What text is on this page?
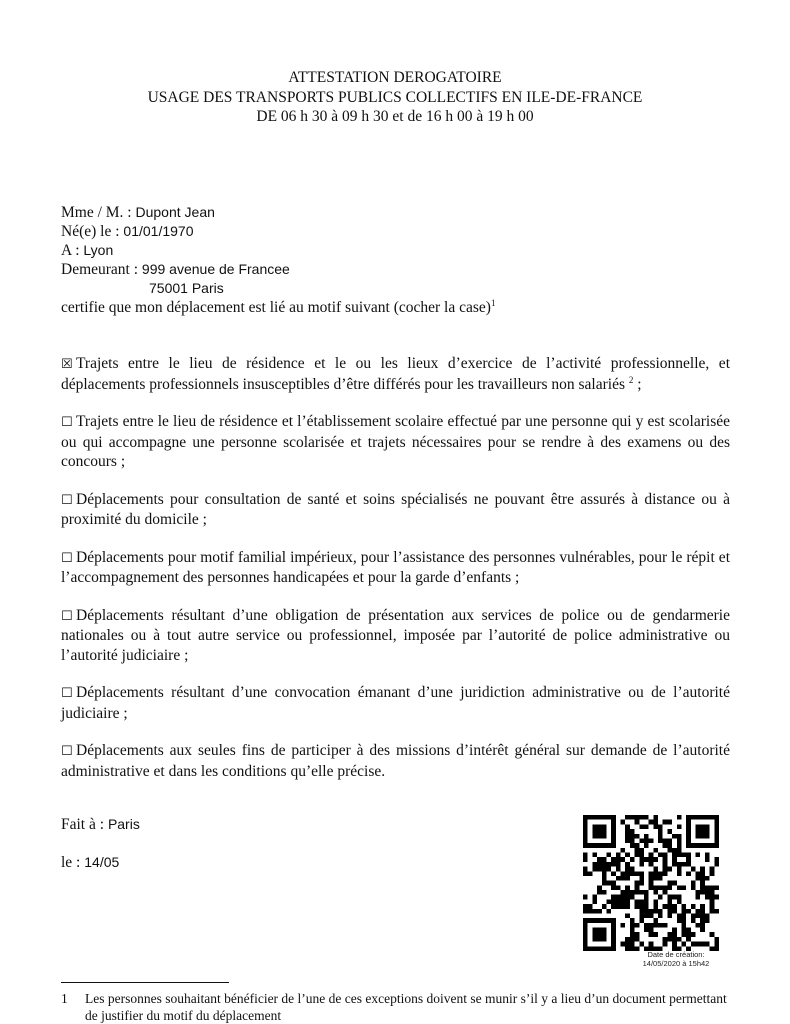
ATTESTATION DEROGATOIRE
USAGE DES TRANSPORTS PUBLICS COLLECTIFS EN ILE-DE-FRANCE
DE 06 h 30 à 09 h 30 et de 16 h 00 à 19 h 00
Mme / M. : Dupont Jean
Né(e) le : 01/01/1970
A : Lyon
Demeurant : 999 avenue de Francee
75001 Paris
certifie que mon déplacement est lié au motif suivant (cocher la case)$^1$

☒ Trajets entre le lieu de résidence et le ou les lieux d’exercice de l’activité professionnelle, et déplacements professionnels insusceptibles d’être différés pour les travailleurs non salariés $^2$ ;

☐ Trajets entre le lieu de résidence et l’établissement scolaire effectué par une personne qui y est scolarisée ou qui accompagne une personne scolarisée et trajets nécessaires pour se rendre à des examens ou des concours ;

☐ Déplacements pour consultation de santé et soins spécialisés ne pouvant être assurés à distance ou à proximité du domicile ;

☐ Déplacements pour motif familial impérieux, pour l’assistance des personnes vulnérables, pour le répit et l’accompagnement des personnes handicapées et pour la garde d’enfants ;

☐ Déplacements résultant d’une obligation de présentation aux services de police ou de gendarmerie nationales ou à tout autre service ou professionnel, imposée par l’autorité de police administrative ou l’autorité judiciaire ;

☐ Déplacements résultant d’une convocation émanant d’une juridiction administrative ou de l’autorité judiciaire ;

☐ Déplacements aux seules fins de participer à des missions d’intérêt général sur demande de l’autorité administrative et dans les conditions qu’elle précise.

Fait à : Paris
le : 14/05
Date de création:
14/05/2020 à 15h42
1	Les personnes souhaitant bénéficier de l’une de ces exceptions doivent se munir s’il y a lieu d’un document permettant de justifier du motif du déplacement
